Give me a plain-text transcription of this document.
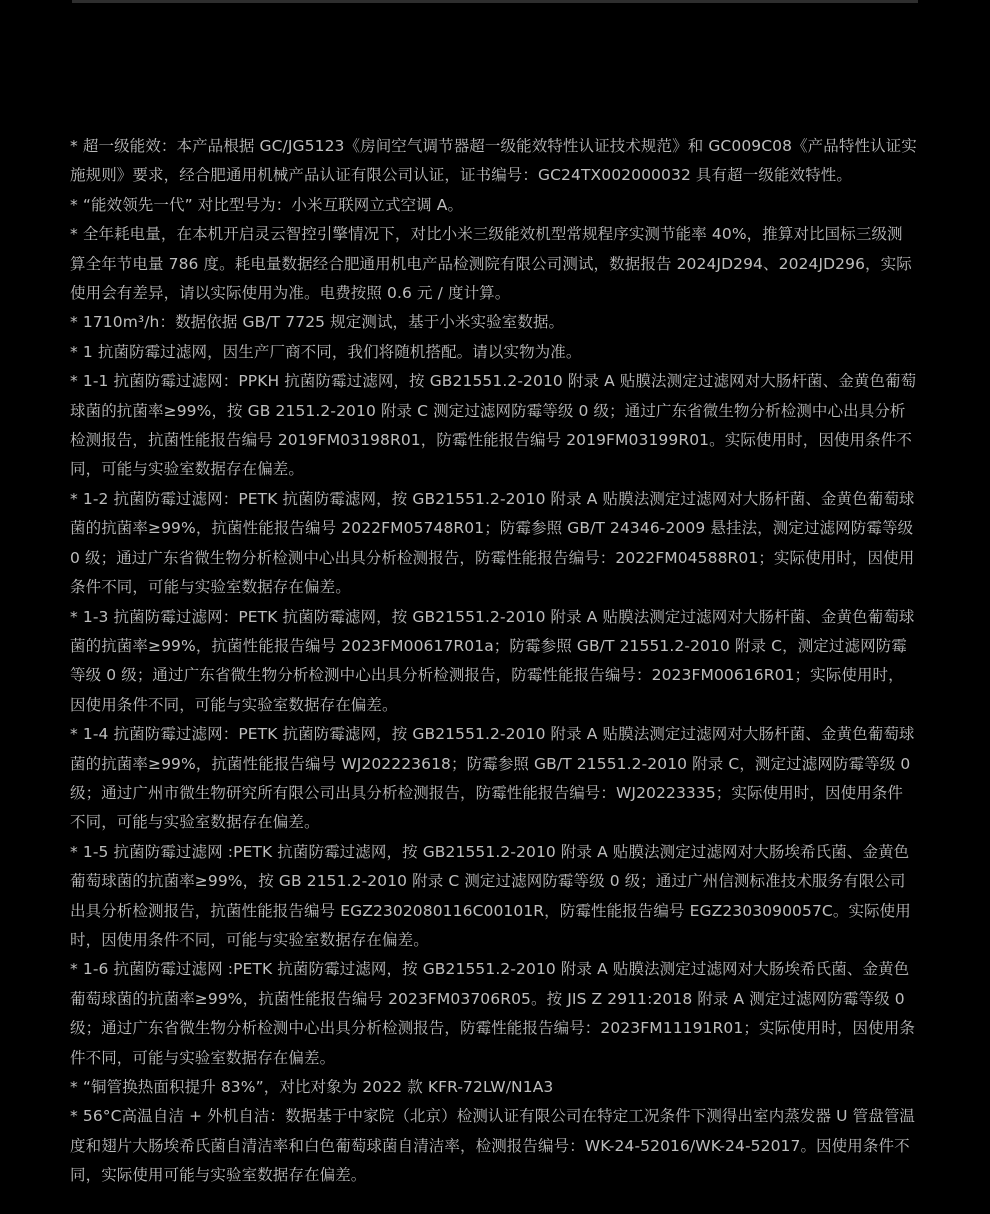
* 超一级能效：本产品根据 GC/JG5123《房间空气调节器超一级能效特性认证技术规范》和 GC009C08《产品特性认证实施规则》要求，经合肥通用机械产品认证有限公司认证，证书编号：GC24TX002000032 具有超一级能效特性。
* “能效领先一代” 对比型号为：小米互联网立式空调 A。
* 全年耗电量，在本机开启灵云智控引擎情况下，对比小米三级能效机型常规程序实测节能率 40%，推算对比国标三级测算全年节电量 786 度。耗电量数据经合肥通用机电产品检测院有限公司测试，数据报告 2024JD294、2024JD296，实际使用会有差异，请以实际使用为准。电费按照 0.6 元 / 度计算。
* 1710m³/h：数据依据 GB/T 7725 规定测试，基于小米实验室数据。
* 1 抗菌防霉过滤网，因生产厂商不同，我们将随机搭配。请以实物为准。
* 1-1 抗菌防霉过滤网：PPKH 抗菌防霉过滤网，按 GB21551.2-2010 附录 A 贴膜法测定过滤网对大肠杆菌、金黄色葡萄球菌的抗菌率≥99%，按 GB 2151.2-2010 附录 C 测定过滤网防霉等级 0 级；通过广东省微生物分析检测中心出具分析检测报告，抗菌性能报告编号 2019FM03198R01，防霉性能报告编号 2019FM03199R01。实际使用时，因使用条件不同，可能与实验室数据存在偏差。
* 1-2 抗菌防霉过滤网：PETK 抗菌防霉滤网，按 GB21551.2-2010 附录 A 贴膜法测定过滤网对大肠杆菌、金黄色葡萄球菌的抗菌率≥99%，抗菌性能报告编号 2022FM05748R01；防霉参照 GB/T 24346-2009 悬挂法，测定过滤网防霉等级 0 级；通过广东省微生物分析检测中心出具分析检测报告，防霉性能报告编号：2022FM04588R01；实际使用时，因使用条件不同，可能与实验室数据存在偏差。
* 1-3 抗菌防霉过滤网：PETK 抗菌防霉滤网，按 GB21551.2-2010 附录 A 贴膜法测定过滤网对大肠杆菌、金黄色葡萄球菌的抗菌率≥99%，抗菌性能报告编号 2023FM00617R01a；防霉参照 GB/T 21551.2-2010 附录 C，测定过滤网防霉等级 0 级；通过广东省微生物分析检测中心出具分析检测报告，防霉性能报告编号：2023FM00616R01；实际使用时，因使用条件不同，可能与实验室数据存在偏差。
* 1-4 抗菌防霉过滤网：PETK 抗菌防霉滤网，按 GB21551.2-2010 附录 A 贴膜法测定过滤网对大肠杆菌、金黄色葡萄球菌的抗菌率≥99%，抗菌性能报告编号 WJ202223618；防霉参照 GB/T 21551.2-2010 附录 C，测定过滤网防霉等级 0 级；通过广州市微生物研究所有限公司出具分析检测报告，防霉性能报告编号：WJ20223335；实际使用时，因使用条件不同，可能与实验室数据存在偏差。
* 1-5 抗菌防霉过滤网 :PETK 抗菌防霉过滤网，按 GB21551.2-2010 附录 A 贴膜法测定过滤网对大肠埃希氏菌、金黄色葡萄球菌的抗菌率≥99%，按 GB 2151.2-2010 附录 C 测定过滤网防霉等级 0 级；通过广州信测标准技术服务有限公司出具分析检测报告，抗菌性能报告编号 EGZ2302080116C00101R，防霉性能报告编号 EGZ2303090057C。实际使用时，因使用条件不同，可能与实验室数据存在偏差。
* 1-6 抗菌防霉过滤网 :PETK 抗菌防霉过滤网，按 GB21551.2-2010 附录 A 贴膜法测定过滤网对大肠埃希氏菌、金黄色葡萄球菌的抗菌率≥99%，抗菌性能报告编号 2023FM03706R05。按 JIS Z 2911:2018 附录 A 测定过滤网防霉等级 0 级；通过广东省微生物分析检测中心出具分析检测报告，防霉性能报告编号：2023FM11191R01；实际使用时，因使用条件不同，可能与实验室数据存在偏差。
* “铜管换热面积提升 83%”，对比对象为 2022 款 KFR-72LW/N1A3
* 56°C高温自洁 + 外机自洁：数据基于中家院（北京）检测认证有限公司在特定工况条件下测得出室内蒸发器 U 管盘管温度和翅片大肠埃希氏菌自清洁率和白色葡萄球菌自清洁率，检测报告编号：WK-24-52016/WK-24-52017。因使用条件不同，实际使用可能与实验室数据存在偏差。
